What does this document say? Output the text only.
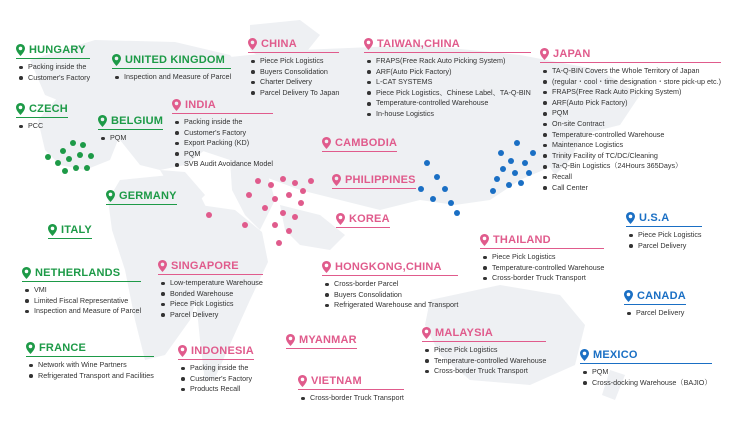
HUNGARY
Packing inside the
Customer's Factory
UNITED KINGDOM
Inspection and Measure of Parcel
CZECH
PCC	BELGIUM
PQM
GERMANY
ITALY
NETHERLANDS
VMI
Limited Fiscal Representative
Inspection and Measure of Parcel
FRANCE
Network with Wine Partners
Refrigerated Transport and Facilities
CHINA
Piece Pick Logistics
Buyers Consolidation
Charter Delivery
Parcel Delivery To Japan
INDIA
Packing inside the
Customer's Factory
Export Packing (KD)
PQM
SVB Audit Avoidance Model
CAMBODIA
PHILIPPINES
KOREA
SINGAPORE
Low-temperature Warehouse
Bonded Warehouse
Piece Pick Logistics
Parcel Delivery
HONGKONG,CHINA
Cross-border Parcel
Buyers Consolidation
Refrigerated Warehouse and Transport
MYANMAR
INDONESIA
Packing inside the
Customer's Factory
Products Recall
VIETNAM
Cross-border Truck Transport
MALAYSIA
Piece Pick Logistics
Temperature-controlled Warehouse
Cross-border Truck Transport
THAILAND
Piece Pick Logistics
Temperature-controlled Warehouse
Cross-border Truck Transport
TAIWAN,CHINA
FRAPS(Free Rack Auto Picking System)
ARF(Auto Pick Factory)
L-CAT SYSTEMS
Piece Pick Logistics、Chinese Label、TA-Q-BIN
Temperature-controlled Warehouse
In-house Logistics
JAPAN
TA-Q-BIN Covers the Whole Territory of Japan
(regular・cool・time designation・store pick-up etc.)
FRAPS(Free Rack Auto Picking System)
ARF(Auto Pick Factory)
PQM
On-site Contract
Temperature-controlled Warehouse
Maintenance Logistics
Trinity Facility of TC/DC/Cleaning
Ta-Q-Bin Logistics（24Hours 365Days）
Recall
Call Center
U.S.A
Piece Pick Logistics
Parcel Delivery
CANADA
Parcel Delivery
MEXICO
PQM
Cross-docking Warehouse（BAJIO）
